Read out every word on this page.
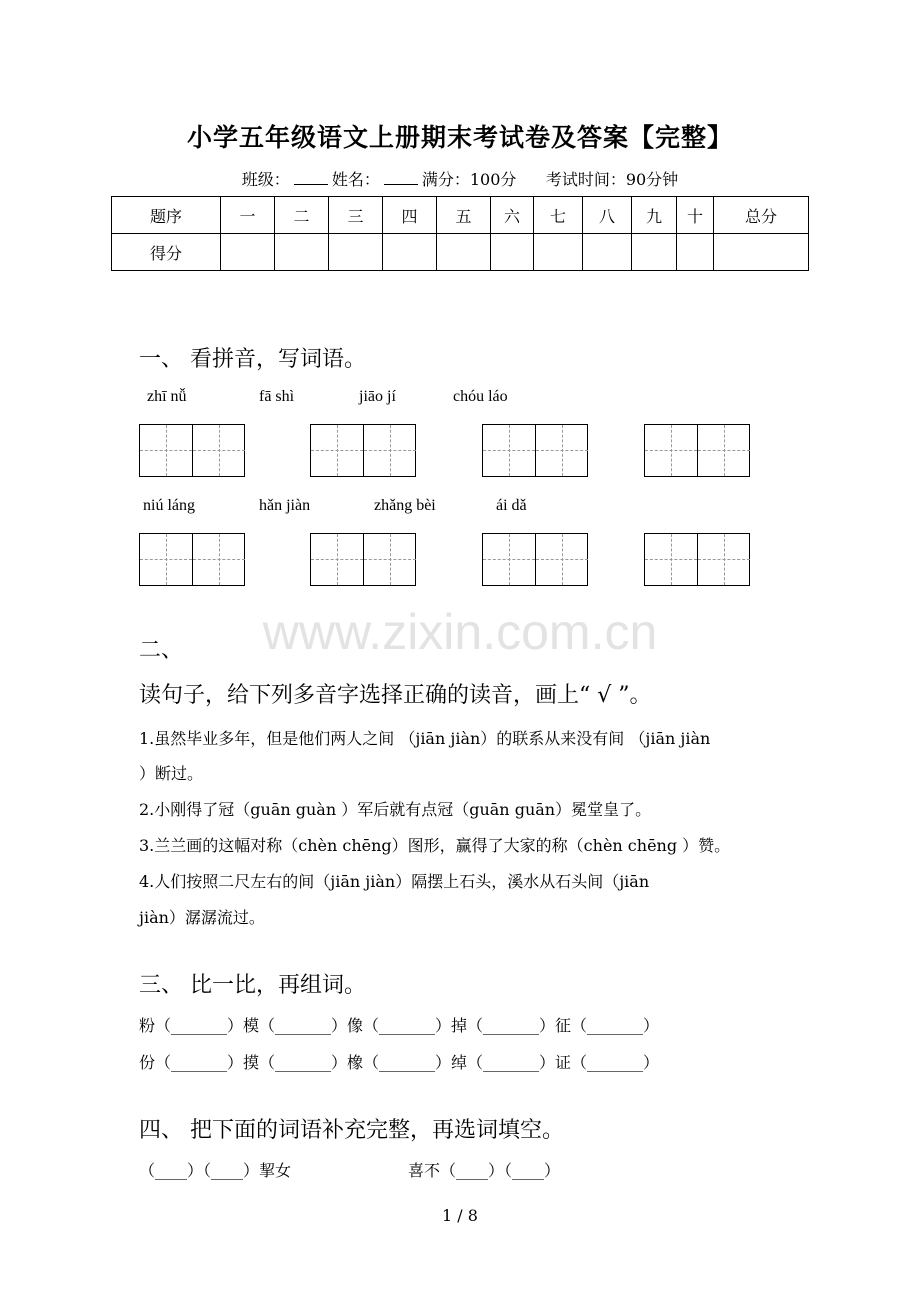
小学五年级语文上册期末考试卷及答案【完整】
班级：	姓名：	满分：100分 考试时间：90分钟
题序	一	二	三	四	五	六	七	八	九	十	总分
得分											
一、 看拼音，写词语。
zhī nǚ	fā shì	jiāo jí	chóu láo
niú láng	hǎn jiàn	zhǎng bèi	ái dǎ
www.zixin.com.cn
二、
读句子，给下列多音字选择正确的读音，画上“ √ ”。
1.虽然毕业多年，但是他们两人之间 （jiān jiàn）的联系从来没有间 （jiān jiàn
）断过。
2.小刚得了冠（guān guàn ）军后就有点冠（guān guān）冕堂皇了。
3.兰兰画的这幅对称（chèn chēng）图形，赢得了大家的称（chèn chēng ）赞。
4.人们按照二尺左右的间（jiān jiàn）隔摆上石头，溪水从石头间（jiān
jiàn）潺潺流过。
三、 比一比，再组词。
粉（_______）模（_______）像（_______）掉（_______）征（_______）
份（_______）摸（_______）橡（_______）绰（_______）证（_______）
四、 把下面的词语补充完整，再选词填空。
（____）（____）挈女	喜不（____）（____）
1 / 8
